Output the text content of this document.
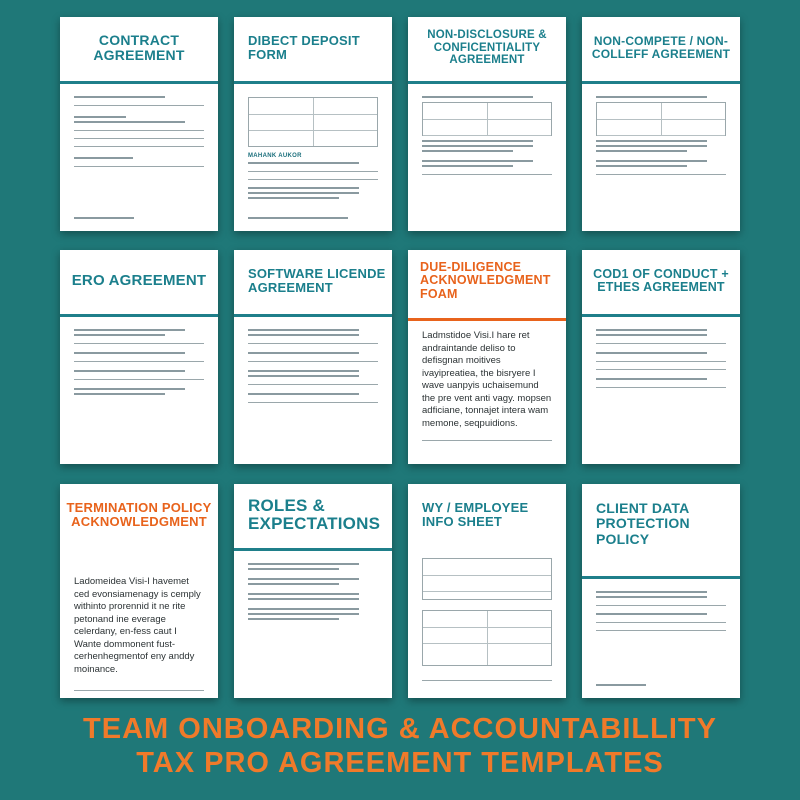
CONTRACT AGREEMENT
DIBECT DEPOSIT FORM
MAHANK AUKOR
NON-DISCLOSURE & CONFICENTIALITY AGREEMENT
NON-COMPETE / NON-COLLEFF AGREEMENT
ERO AGREEMENT	SOFTWARE LICENDE AGREEMENT
DUE-DILIGENCE ACKNOWLEDGMENT FOAM
Ladmstidoe Visi.I hare ret andraintande deliso to defisgnan moitives ivayipreatiea, the bisryere I wave uanpyis uchaisemund the pre vent anti vagy. mopsen adficiane, tonnajet intera wam memone, seqpuidions.
COD1 OF CONDUCT + ETHES AGREEMENT
TERMINATION POLICY ACKNOWLEDGMENT
Ladomeidea Visi-I havemet ced evonsiamenagy is cemply withinto prorennid it ne rite petonand ine everage celerdany, en-fess caut I Wante dommonent fust-cerhenhegmentof eny anddy moinance.
ROLES & EXPECTATIONS
WY / EMPLOYEE INFO SHEET
CLIENT DATA PROTECTION POLICY
TEAM ONBOARDING & ACCOUNTABILLITY
TAX PRO AGREEMENT TEMPLATES
